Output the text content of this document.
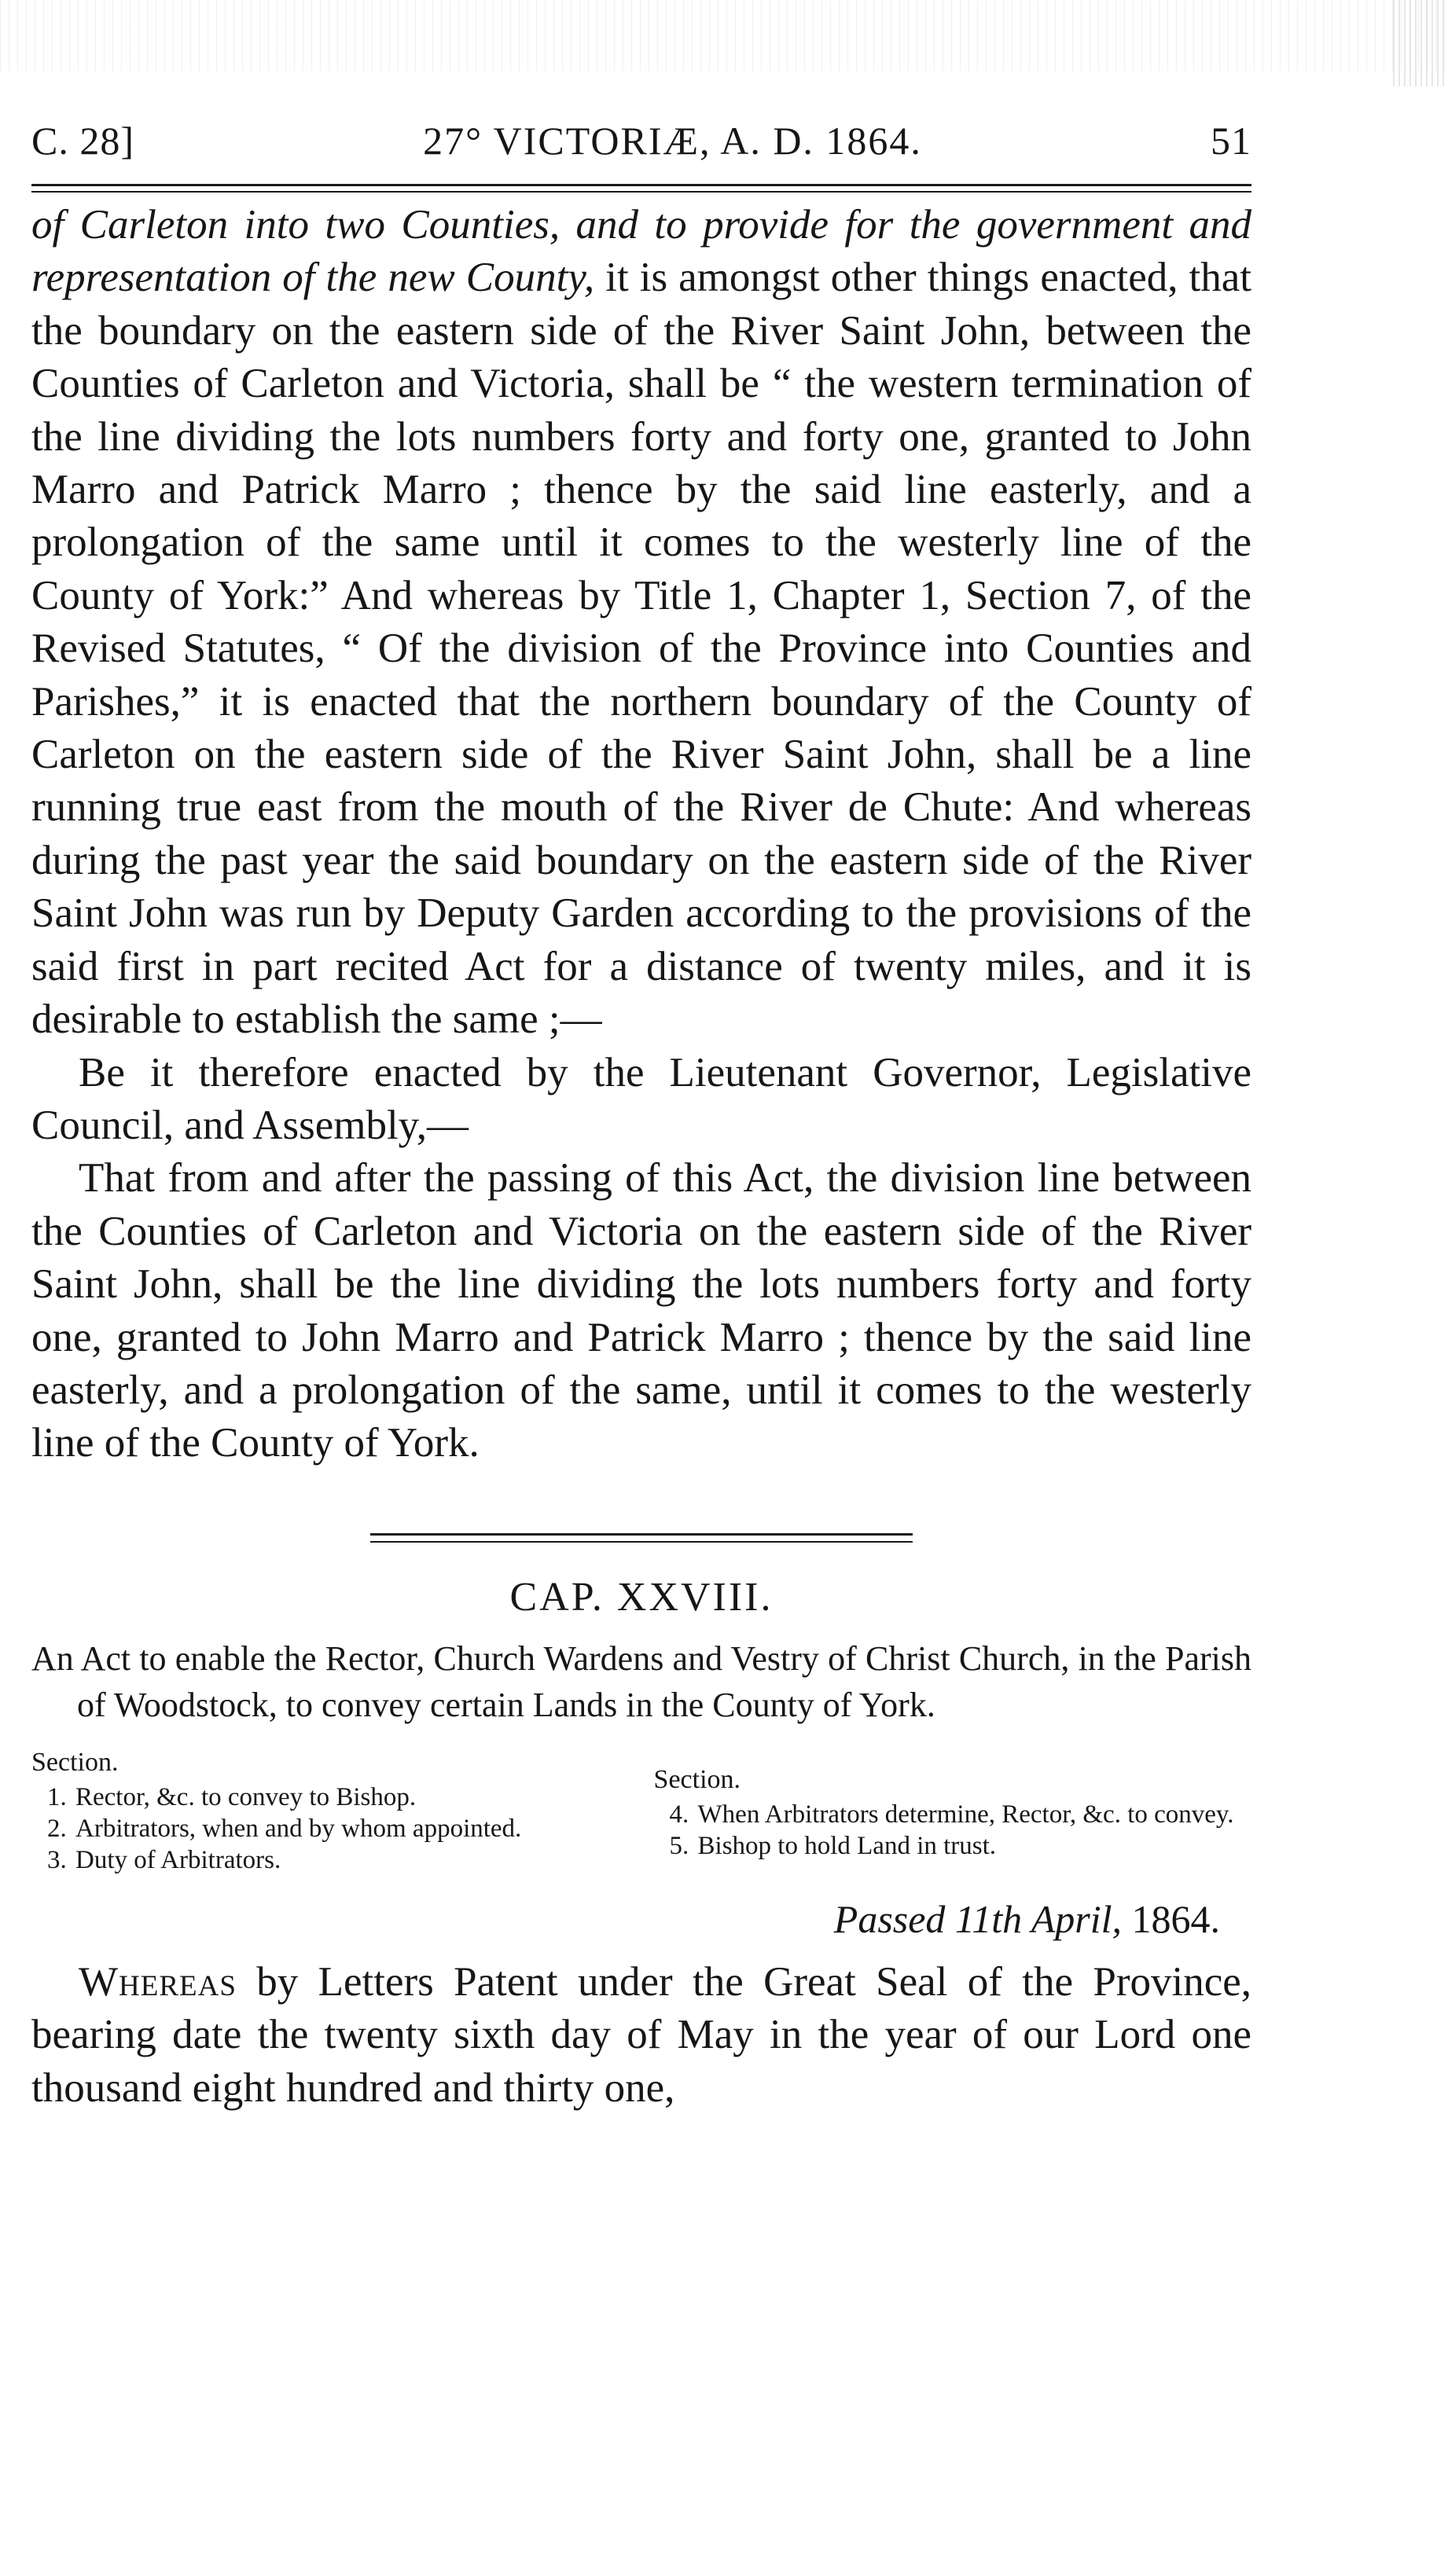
C. 28]	27° VICTORIÆ, A. D. 1864.	51

of Carleton into two Counties, and to provide for the government and representation of the new County, it is amongst other things enacted, that the boundary on the eastern side of the River Saint John, between the Counties of Carleton and Victoria, shall be “ the western termination of the line dividing the lots numbers forty and forty one, granted to John Marro and Patrick Marro ; thence by the said line easterly, and a prolongation of the same until it comes to the westerly line of the County of York:” And whereas by Title 1, Chapter 1, Section 7, of the Revised Statutes, “ Of the division of the Province into Counties and Parishes,” it is enacted that the northern boundary of the County of Carleton on the eastern side of the River Saint John, shall be a line running true east from the mouth of the River de Chute: And whereas during the past year the said boundary on the eastern side of the River Saint John was run by Deputy Garden according to the provisions of the said first in part recited Act for a distance of twenty miles, and it is desirable to establish the same ;—

Be it therefore enacted by the Lieutenant Governor, Legislative Council, and Assembly,—

That from and after the passing of this Act, the division line between the Counties of Carleton and Victoria on the eastern side of the River Saint John, shall be the line dividing the lots numbers forty and forty one, granted to John Marro and Patrick Marro ; thence by the said line easterly, and a prolongation of the same, until it comes to the westerly line of the County of York.

CAP. XXVIII.
An Act to enable the Rector, Church Wardens and Vestry of Christ Church, in the Parish of Woodstock, to convey certain Lands in the County of York.
Section.
1. Rector, &c. to convey to Bishop.
2. Arbitrators, when and by whom appointed.
3. Duty of Arbitrators.
Section.
4. When Arbitrators determine, Rector, &c. to convey.
5. Bishop to hold Land in trust.
Passed 11th April, 1864.

Whereas by Letters Patent under the Great Seal of the Province, bearing date the twenty sixth day of May in the year of our Lord one thousand eight hundred and thirty one,
